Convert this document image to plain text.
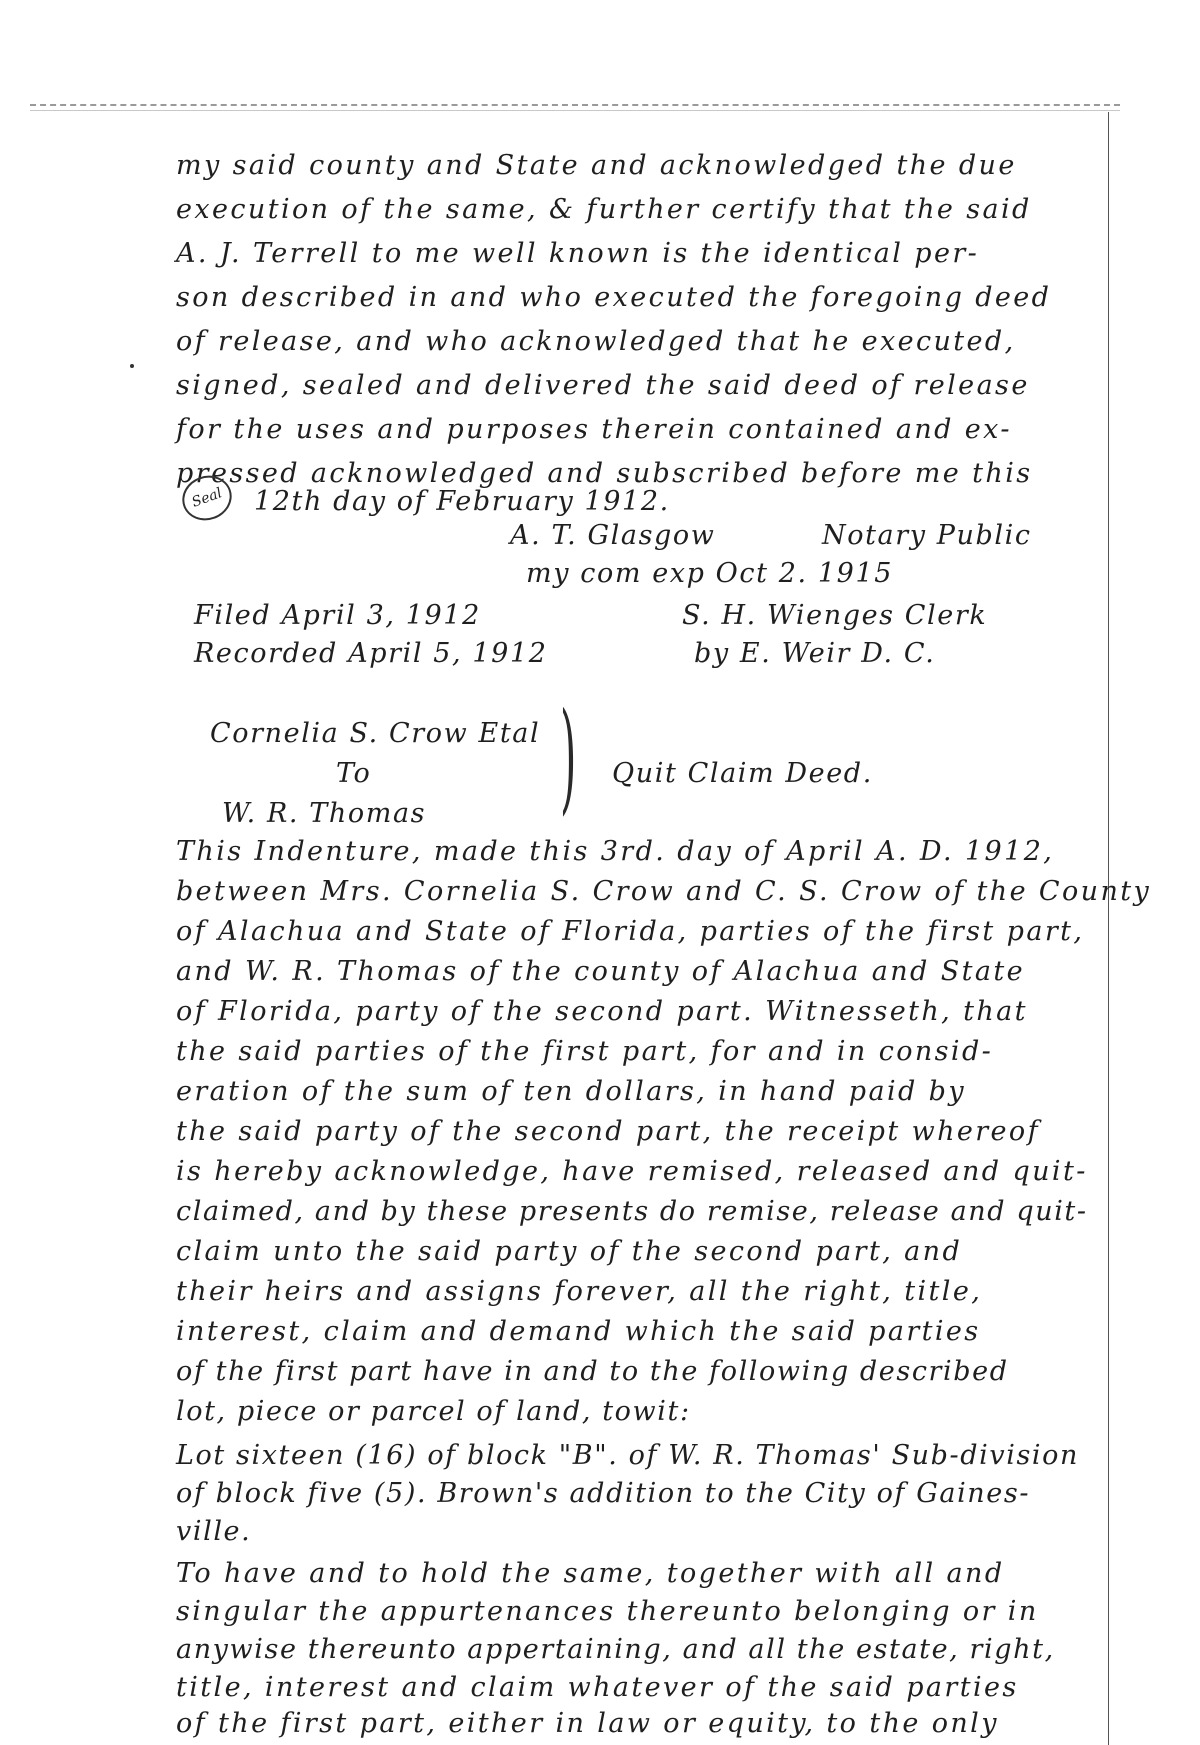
my said county and State and acknowledged the due
execution of the same, & further certify that the said
A. J. Terrell to me well known is the identical per-
son described in and who executed the foregoing deed
of release, and who acknowledged that he executed,
signed, sealed and delivered the said deed of release
for the uses and purposes therein contained and ex-
pressed acknowledged and subscribed before me this
Seal 12th day of February 1912.
A. T. Glasgow	Notary Public
my com exp Oct 2. 1915
Filed April 3, 1912	S. H. Wienges Clerk
Recorded April 5, 1912	by E. Weir D. C.
Cornelia S. Crow Etal
To
W. R. Thomas ) Quit Claim Deed.
This Indenture, made this 3rd. day of April A. D. 1912,
between Mrs. Cornelia S. Crow and C. S. Crow of the County
of Alachua and State of Florida, parties of the first part,
and W. R. Thomas of the county of Alachua and State
of Florida, party of the second part. Witnesseth, that
the said parties of the first part, for and in consid-
eration of the sum of ten dollars, in hand paid by
the said party of the second part, the receipt whereof
is hereby acknowledge, have remised, released and quit-
claimed, and by these presents do remise, release and quit-
claim unto the said party of the second part, and
their heirs and assigns forever, all the right, title,
interest, claim and demand which the said parties
of the first part have in and to the following described
lot, piece or parcel of land, towit:
Lot sixteen (16) of block "B". of W. R. Thomas' Sub-division
of block five (5). Brown's addition to the City of Gaines-
ville.
To have and to hold the same, together with all and
singular the appurtenances thereunto belonging or in
anywise thereunto appertaining, and all the estate, right,
title, interest and claim whatever of the said parties
of the first part, either in law or equity, to the only
